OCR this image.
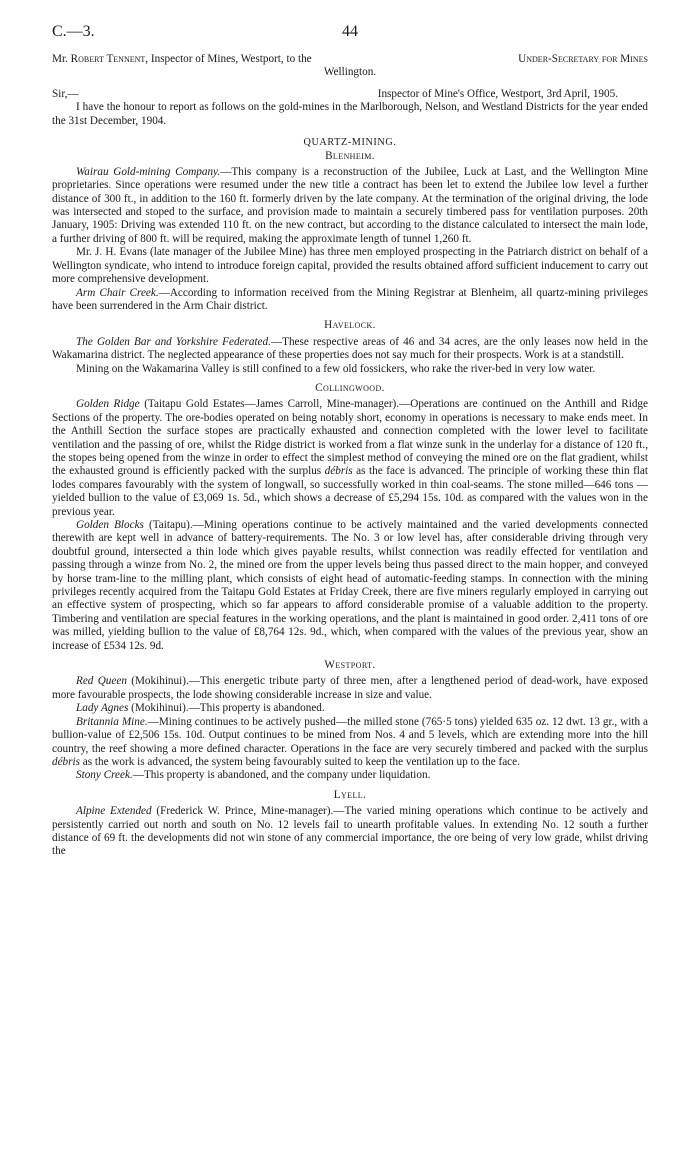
C.—3.	44
Mr. Robert Tennent, Inspector of Mines, Westport, to the	Under-Secretary for Mines
Wellington.
Sir,—	Inspector of Mine's Office, Westport, 3rd April, 1905.

I have the honour to report as follows on the gold-mines in the Marlborough, Nelson, and Westland Districts for the year ended the 31st December, 1904.

QUARTZ-MINING.
Blenheim.

Wairau Gold-mining Company.—This company is a reconstruction of the Jubilee, Luck at Last, and the Wellington Mine proprietaries. Since operations were resumed under the new title a contract has been let to extend the Jubilee low level a further distance of 300 ft., in addition to the 160 ft. formerly driven by the late company. At the termination of the original driving, the lode was intersected and stoped to the surface, and provision made to maintain a securely timbered pass for ventilation purposes. 20th January, 1905: Driving was extended 110 ft. on the new contract, but according to the distance calculated to intersect the main lode, a further driving of 800 ft. will be required, making the approximate length of tunnel 1,260 ft.

Mr. J. H. Evans (late manager of the Jubilee Mine) has three men employed prospecting in the Patriarch district on behalf of a Wellington syndicate, who intend to introduce foreign capital, provided the results obtained afford sufficient inducement to carry out more comprehensive development.

Arm Chair Creek.—According to information received from the Mining Registrar at Blenheim, all quartz-mining privileges have been surrendered in the Arm Chair district.

Havelock.

The Golden Bar and Yorkshire Federated.—These respective areas of 46 and 34 acres, are the only leases now held in the Wakamarina district. The neglected appearance of these properties does not say much for their prospects. Work is at a standstill.

Mining on the Wakamarina Valley is still confined to a few old fossickers, who rake the river-bed in very low water.

Collingwood.

Golden Ridge (Taitapu Gold Estates—James Carroll, Mine-manager).—Operations are continued on the Anthill and Ridge Sections of the property. The ore-bodies operated on being notably short, economy in operations is necessary to make ends meet. In the Anthill Section the surface stopes are practically exhausted and connection completed with the lower level to facilitate ventilation and the passing of ore, whilst the Ridge district is worked from a flat winze sunk in the underlay for a distance of 120 ft., the stopes being opened from the winze in order to effect the simplest method of conveying the mined ore on the flat gradient, whilst the exhausted ground is efficiently packed with the surplus débris as the face is advanced. The principle of working these thin flat lodes compares favourably with the system of longwall, so successfully worked in thin coal-seams. The stone milled—646 tons —yielded bullion to the value of £3,069 1s. 5d., which shows a decrease of £5,294 15s. 10d. as compared with the values won in the previous year.

Golden Blocks (Taitapu).—Mining operations continue to be actively maintained and the varied developments connected therewith are kept well in advance of battery-requirements. The No. 3 or low level has, after considerable driving through very doubtful ground, intersected a thin lode which gives payable results, whilst connection was readily effected for ventilation and passing through a winze from No. 2, the mined ore from the upper levels being thus passed direct to the main hopper, and conveyed by horse tram-line to the milling plant, which consists of eight head of automatic-feeding stamps. In connection with the mining privileges recently acquired from the Taitapu Gold Estates at Friday Creek, there are five miners regularly employed in carrying out an effective system of prospecting, which so far appears to afford considerable promise of a valuable addition to the property. Timbering and ventilation are special features in the working operations, and the plant is maintained in good order. 2,411 tons of ore was milled, yielding bullion to the value of £8,764 12s. 9d., which, when compared with the values of the previous year, show an increase of £534 12s. 9d.

Westport.

Red Queen (Mokihinui).—This energetic tribute party of three men, after a lengthened period of dead-work, have exposed more favourable prospects, the lode showing considerable increase in size and value.

Lady Agnes (Mokihinui).—This property is abandoned.

Britannia Mine.—Mining continues to be actively pushed—the milled stone (765·5 tons) yielded 635 oz. 12 dwt. 13 gr., with a bullion-value of £2,506 15s. 10d. Output continues to be mined from Nos. 4 and 5 levels, which are extending more into the hill country, the reef showing a more defined character. Operations in the face are very securely timbered and packed with the surplus débris as the work is advanced, the system being favourably suited to keep the ventilation up to the face.

Stony Creek.—This property is abandoned, and the company under liquidation.

Lyell.

Alpine Extended (Frederick W. Prince, Mine-manager).—The varied mining operations which continue to be actively and persistently carried out north and south on No. 12 levels fail to unearth profitable values. In extending No. 12 south a further distance of 69 ft. the developments did not win stone of any commercial importance, the ore being of very low grade, whilst driving the
